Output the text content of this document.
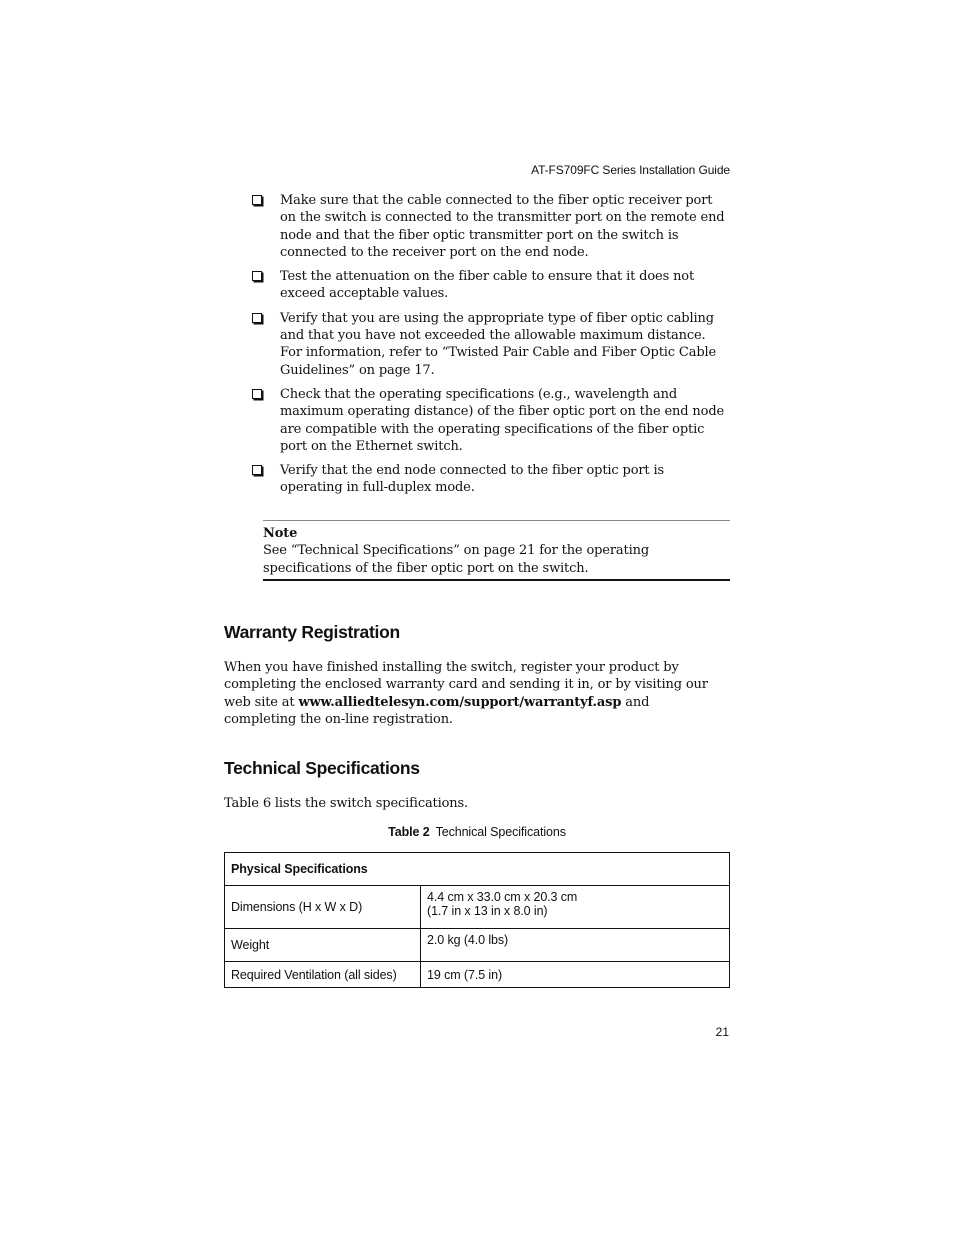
AT-FS709FC Series Installation Guide
Make sure that the cable connected to the fiber optic receiver port on the switch is connected to the transmitter port on the remote end node and that the fiber optic transmitter port on the switch is connected to the receiver port on the end node.
Test the attenuation on the fiber cable to ensure that it does not exceed acceptable values.
Verify that you are using the appropriate type of fiber optic cabling and that you have not exceeded the allowable maximum distance. For information, refer to “Twisted Pair Cable and Fiber Optic Cable Guidelines” on page 17.
Check that the operating specifications (e.g., wavelength and maximum operating distance) of the fiber optic port on the end node are compatible with the operating specifications of the fiber optic port on the Ethernet switch.
Verify that the end node connected to the fiber optic port is operating in full-duplex mode.
Note
See “Technical Specifications” on page 21 for the operating specifications of the fiber optic port on the switch.
Warranty Registration

When you have finished installing the switch, register your product by completing the enclosed warranty card and sending it in, or by visiting our web site at www.alliedtelesyn.com/support/warrantyf.asp and completing the on-line registration.

Technical Specifications

Table 6 lists the switch specifications.

Table 2 Technical Specifications
Physical Specifications	
Dimensions (H x W x D)	4.4 cm x 33.0 cm x 20.3 cm
(1.7 in x 13 in x 8.0 in)

Weight	2.0 kg (4.0 lbs)
Required Ventilation (all sides)	19 cm (7.5 in)
21
